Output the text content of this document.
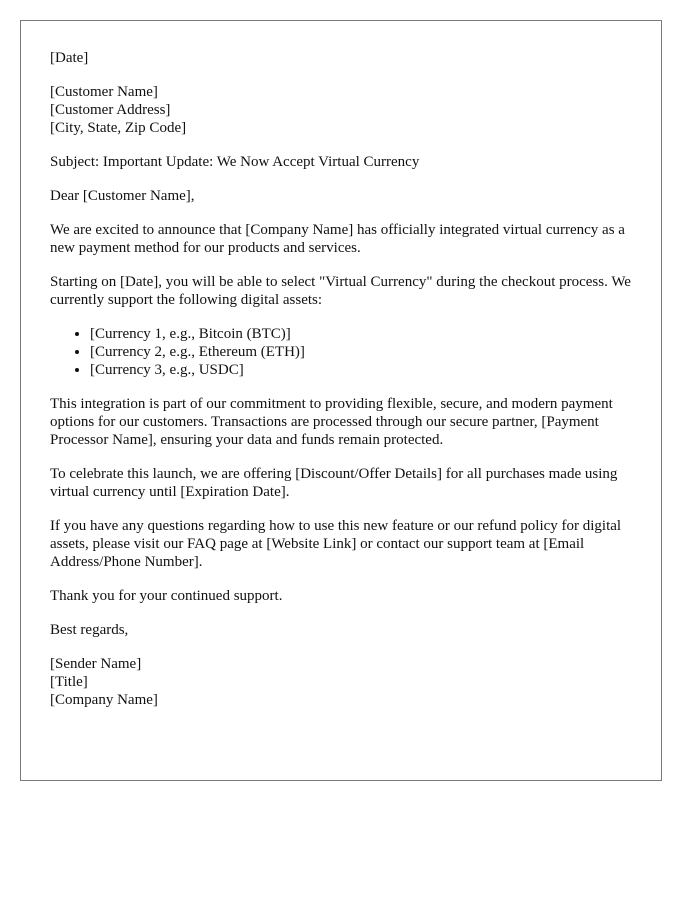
[Date]

[Customer Name]
[Customer Address]
[City, State, Zip Code]

Subject: Important Update: We Now Accept Virtual Currency

Dear [Customer Name],

We are excited to announce that [Company Name] has officially integrated virtual currency as a new payment method for our products and services.

Starting on [Date], you will be able to select "Virtual Currency" during the checkout process. We currently support the following digital assets:

• [Currency 1, e.g., Bitcoin (BTC)]
• [Currency 2, e.g., Ethereum (ETH)]
• [Currency 3, e.g., USDC]

This integration is part of our commitment to providing flexible, secure, and modern payment options for our customers. Transactions are processed through our secure partner, [Payment Processor Name], ensuring your data and funds remain protected.

To celebrate this launch, we are offering [Discount/Offer Details] for all purchases made using virtual currency until [Expiration Date].

If you have any questions regarding how to use this new feature or our refund policy for digital assets, please visit our FAQ page at [Website Link] or contact our support team at [Email Address/Phone Number].

Thank you for your continued support.

Best regards,

[Sender Name]
[Title]
[Company Name]
